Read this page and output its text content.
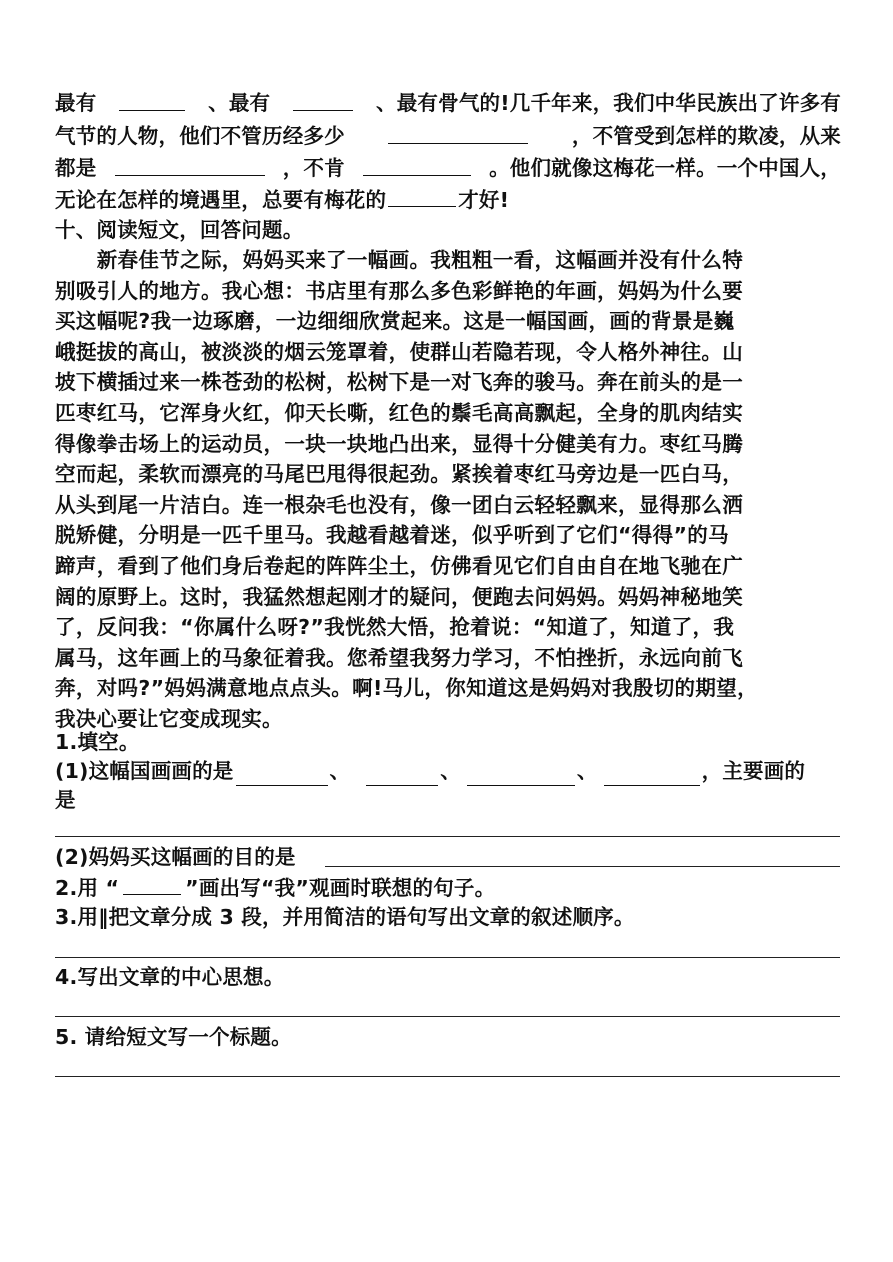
最有	、最有	、最有骨气的!几千年来，我们中华民族出了许多有
气节的人物，他们不管历经多少	，不管受到怎样的欺凌，从来
都是	，不肯	。他们就像这梅花一样。一个中国人，
无论在怎样的境遇里，总要有梅花的	才好!
十、阅读短文，回答问题。
　　新春佳节之际，妈妈买来了一幅画。我粗粗一看，这幅画并没有什么特
别吸引人的地方。我心想：书店里有那么多色彩鲜艳的年画，妈妈为什么要
买这幅呢?我一边琢磨，一边细细欣赏起来。这是一幅国画，画的背景是巍
峨挺拔的高山，被淡淡的烟云笼罩着，使群山若隐若现，令人格外神往。山
坡下横插过来一株苍劲的松树，松树下是一对飞奔的骏马。奔在前头的是一
匹枣红马，它浑身火红，仰天长嘶，红色的鬃毛高高飘起，全身的肌肉结实
得像拳击场上的运动员，一块一块地凸出来，显得十分健美有力。枣红马腾
空而起，柔软而漂亮的马尾巴甩得很起劲。紧挨着枣红马旁边是一匹白马，
从头到尾一片洁白。连一根杂毛也没有，像一团白云轻轻飘来，显得那么洒
脱矫健，分明是一匹千里马。我越看越着迷，似乎听到了它们“得得”的马
蹄声，看到了他们身后卷起的阵阵尘土，仿佛看见它们自由自在地飞驰在广
阔的原野上。这时，我猛然想起刚才的疑问，便跑去问妈妈。妈妈神秘地笑
了，反问我：“你属什么呀?”我恍然大悟，抢着说：“知道了，知道了，我
属马，这年画上的马象征着我。您希望我努力学习，不怕挫折，永远向前飞
奔，对吗?”妈妈满意地点点头。啊!马儿，你知道这是妈妈对我殷切的期望，
我决心要让它变成现实。
1.填空。
(1)这幅国画画的是	、	、	、	，主要画的
是
(2)妈妈买这幅画的目的是
2.用 “	”画出写“我”观画时联想的句子。
3.用‖把文章分成 3 段，并用简洁的语句写出文章的叙述顺序。
4.写出文章的中心思想。
5. 请给短文写一个标题。
